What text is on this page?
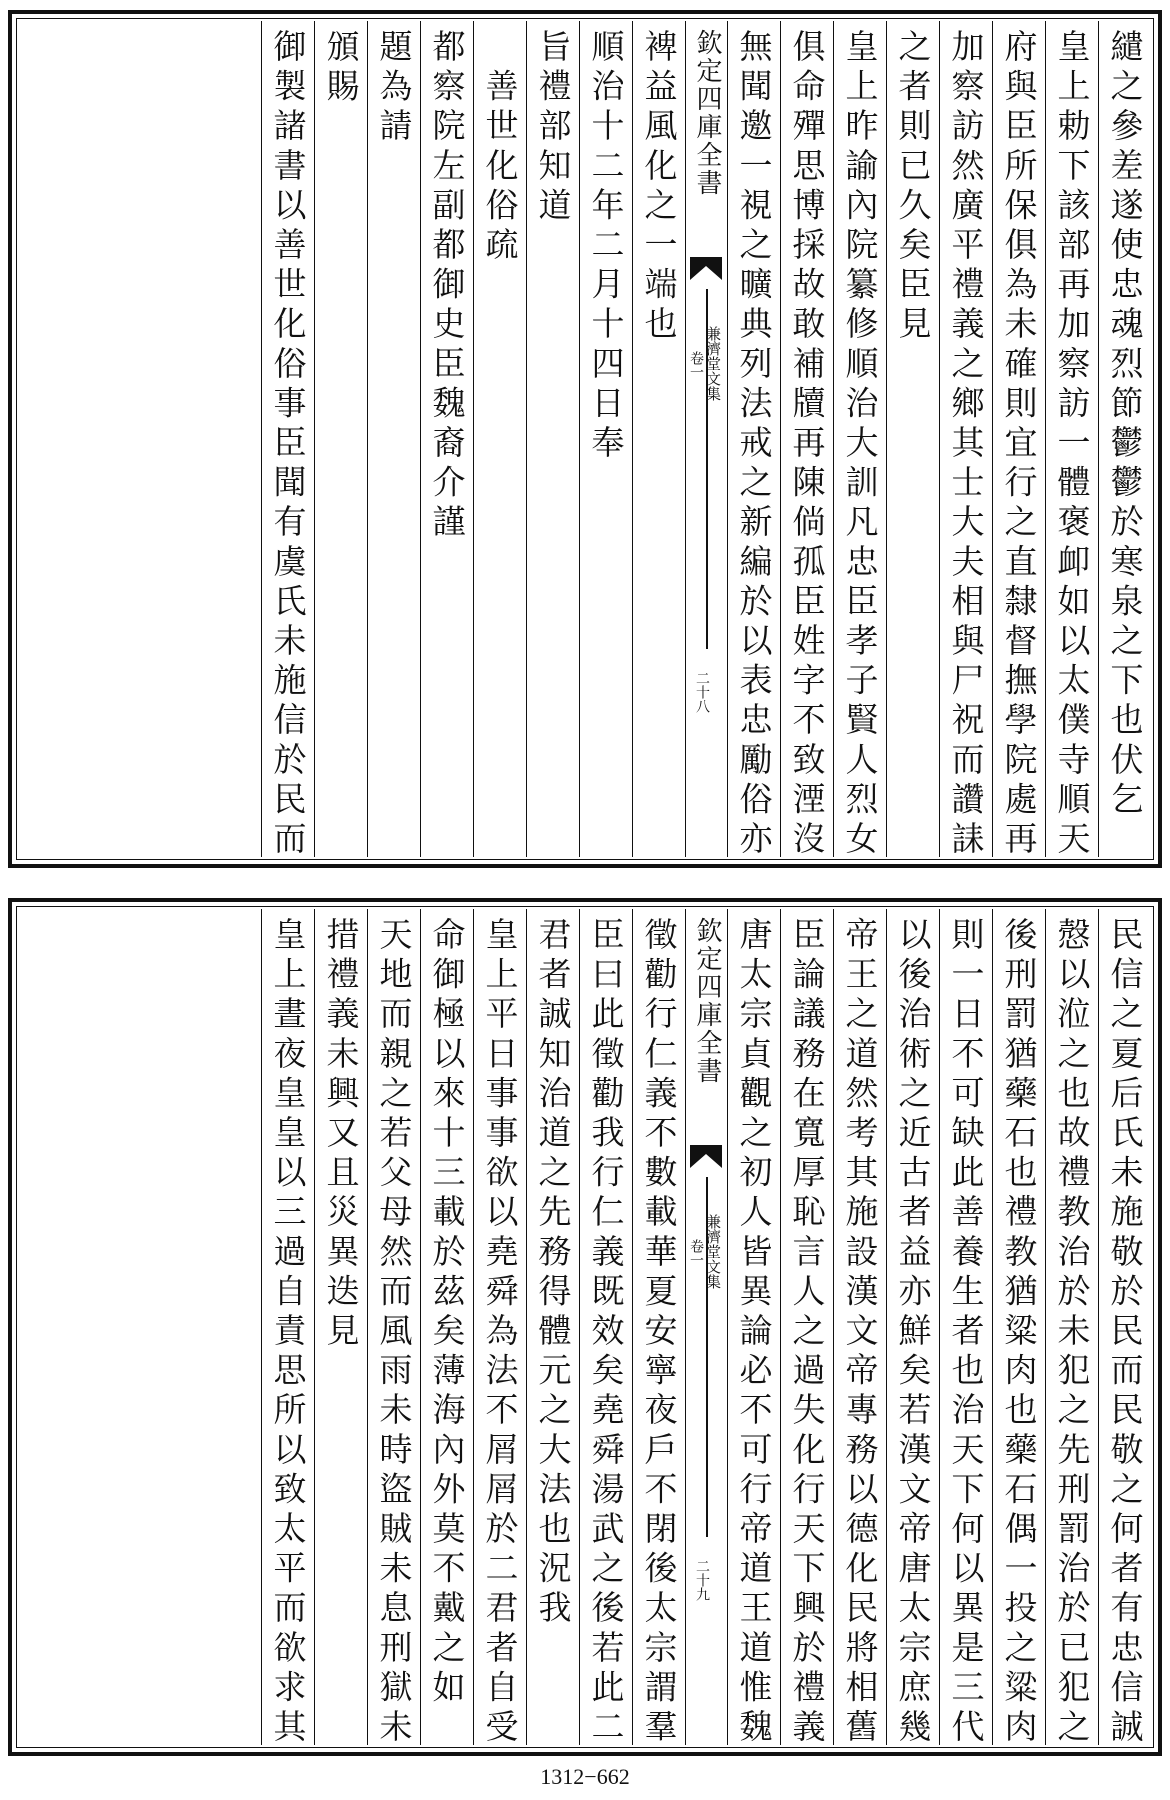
繾之參差遂使忠魂烈節鬱鬱於寒泉之下也伏乞
皇上勅下該部再加察訪一體褒卹如以太僕寺順天
府與臣所保俱為未確則宜行之直隸督撫學院處再
加察訪然廣平禮義之鄉其士大夫相與尸祝而讚誄
之者則已久矣臣見
皇上昨諭內院纂修順治大訓凡忠臣孝子賢人烈女
俱命殫思博採故敢補牘再陳倘孤臣姓字不致湮沒
無聞邀一視之曠典列法戒之新編於以表忠勵俗亦
欽定四庫全書
兼濟堂文集
卷一
二十八
裨益風化之一端也
順治十二年二月十四日奉
旨禮部知道
　善世化俗疏
都察院左副都御史臣魏裔介謹
題為請
頒賜
御製諸書以善世化俗事臣聞有虞氏未施信於民而
民信之夏后氏未施敬於民而民敬之何者有忠信誠
慤以涖之也故禮教治於未犯之先刑罰治於已犯之
後刑罰猶藥石也禮教猶粱肉也藥石偶一投之粱肉
則一日不可缺此善養生者也治天下何以異是三代
以後治術之近古者益亦鮮矣若漢文帝唐太宗庶幾
帝王之道然考其施設漢文帝專務以德化民將相舊
臣論議務在寬厚恥言人之過失化行天下興於禮義
唐太宗貞觀之初人皆異論必不可行帝道王道惟魏
欽定四庫全書
兼濟堂文集
卷一
二十九
徵勸行仁義不數載華夏安寧夜戶不閉後太宗謂羣
臣曰此徵勸我行仁義既效矣堯舜湯武之後若此二
君者誠知治道之先務得體元之大法也況我
皇上平日事事欲以堯舜為法不屑屑於二君者自受
命御極以來十三載於茲矣薄海內外莫不戴之如
天地而親之若父母然而風雨未時盜賊未息刑獄未
措禮義未興又且災異迭見
皇上晝夜皇皇以三過自責思所以致太平而欲求其
1312−662
